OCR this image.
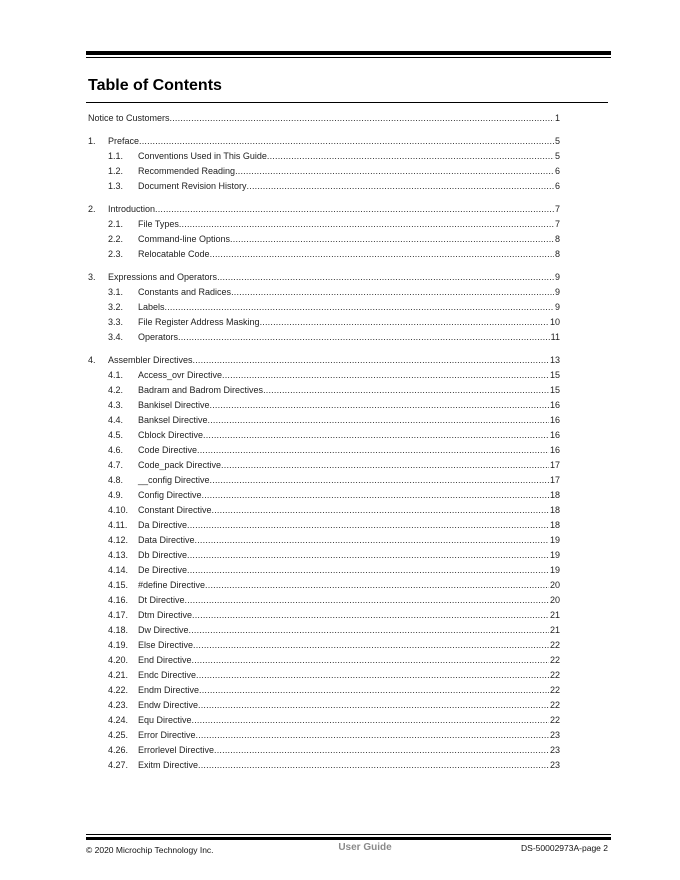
Table of Contents
Notice to Customers .....	1
1.	Preface .....	5
1.1.	Conventions Used in This Guide .....	5
1.2.	Recommended Reading .....	6
1.3.	Document Revision History .....	6
2.	Introduction .....	7
2.1.	File Types .....	7
2.2.	Command-line Options .....	8
2.3.	Relocatable Code .....	8
3.	Expressions and Operators .....	9
3.1.	Constants and Radices .....	9
3.2.	Labels .....	9
3.3.	File Register Address Masking .....	10
3.4.	Operators .....	11
4.	Assembler Directives .....	13
4.1.	Access_ovr Directive .....	15
4.2.	Badram and Badrom Directives .....	15
4.3.	Bankisel Directive .....	16
4.4.	Banksel Directive .....	16
4.5.	Cblock Directive .....	16
4.6.	Code Directive .....	16
4.7.	Code_pack Directive .....	17
4.8.	__config Directive .....	17
4.9.	Config Directive .....	18
4.10.	Constant Directive .....	18
4.11.	Da Directive .....	18
4.12.	Data Directive .....	19
4.13.	Db Directive .....	19
4.14.	De Directive .....	19
4.15.	#define Directive .....	20
4.16.	Dt Directive .....	20
4.17.	Dtm Directive .....	21
4.18.	Dw Directive .....	21
4.19.	Else Directive .....	22
4.20.	End Directive .....	22
4.21.	Endc Directive .....	22
4.22.	Endm Directive .....	22
4.23.	Endw Directive .....	22
4.24.	Equ Directive .....	22
4.25.	Error Directive .....	23
4.26.	Errorlevel Directive .....	23
4.27.	Exitm Directive .....	23
© 2020 Microchip Technology Inc.	User Guide	DS-50002973A-page 2
